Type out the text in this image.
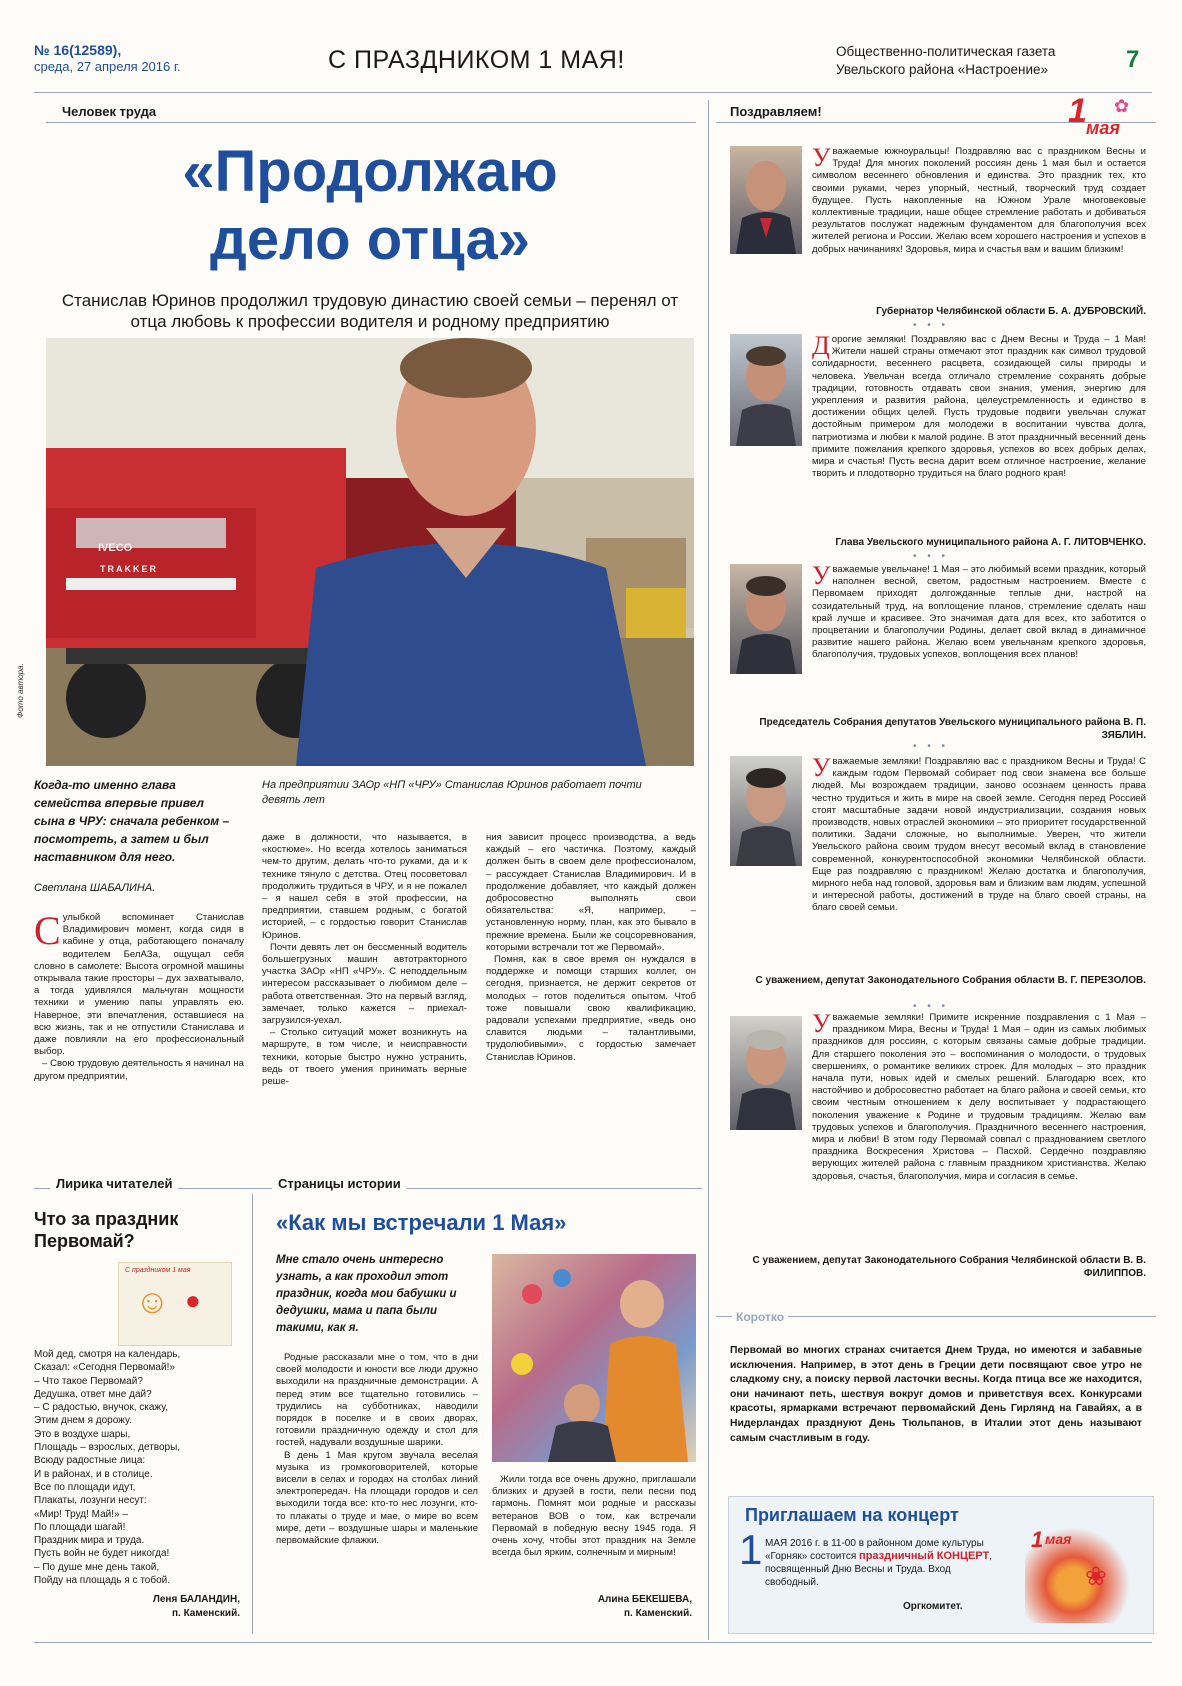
№ 16(12589),
среда, 27 апреля 2016 г.	С ПРАЗДНИКОМ 1 МАЯ!	Общественно-политическая газета
Увельского района «Настроение»	7
Человек труда
«Продолжаю
дело отца»
Станислав Юринов продолжил трудовую династию своей семьи – перенял от отца любовь к профессии водителя и родному предприятию
IVECO
TRAKKER
Фото автора.
Когда-то именно глава семейства впервые привел сына в ЧРУ: сначала ребенком – посмотреть, а затем и был наставником для него.
На предприятии ЗАОр «НП «ЧРУ» Станислав Юринов работает почти девять лет
Светлана ШАБАЛИНА.
С улыбкой вспоминает Станислав Владимирович момент, когда сидя в кабине у отца, работающего поначалу водителем БелАЗа, ощущал себя словно в самолете: Высота огромной машины открывала такие просторы – дух захватывало, а тогда удивлялся мальчуган мощности техники и умению папы управлять ею. Наверное, эти впечатления, оставшиеся на всю жизнь, так и не отпустили Станислава и даже повлияли на его профессиональный выбор.

– Свою трудовую деятельность я начинал на другом предприятии,

даже в должности, что называется, в «костюме». Но всегда хотелось заниматься чем-то другим, делать что-то руками, да и к технике тянуло с детства. Отец посоветовал продолжить трудиться в ЧРУ, и я не пожалел – я нашел себя в этой профессии, на предприятии, ставшем родным, с богатой историей, – с гордостью говорит Станислав Юринов.

Почти девять лет он бессменный водитель большегрузных машин автотракторного участка ЗАОр «НП «ЧРУ». С неподдельным интересом рассказывает о любимом деле – работа ответственная. Это на первый взгляд, замечает, только кажется – приехал-загрузился-уехал.

– Столько ситуаций может возникнуть на маршруте, в том числе, и неисправности техники, которые быстро нужно устранить, ведь от твоего умения принимать верные реше-

ния зависит процесс производства, а ведь каждый – его частичка. Поэтому, каждый должен быть в своем деле профессионалом, – рассуждает Станислав Владимирович. И в продолжение добавляет, что каждый должен добросовестно выполнять свои обязательства: «Я, например, – установленную норму, план, как это бывало в прежние времена. Были же соцсоревнования, которыми встречали тот же Первомай».

Помня, как в свое время он нуждался в поддержке и помощи старших коллег, он сегодня, признается, не держит секретов от молодых – готов поделиться опытом. Чтоб тоже повышали свою квалификацию, радовали успехами предприятие, «ведь оно славится людьми – талантливыми, трудолюбивыми», с гордостью замечает Станислав Юринов.

Поздравляем!	1 мая
✿
У важаемые южноуральцы! Поздравляю вас с праздником Весны и Труда! Для многих поколений россиян день 1 мая был и остается символом весеннего обновления и единства. Это праздник тех, кто своими руками, через упорный, честный, творческий труд создает будущее. Пусть накопленные на Южном Урале многовековые коллективные традиции, наше общее стремление работать и добиваться результатов послужат надежным фундаментом для благополучия всех жителей региона и России. Желаю всем хорошего настроения и успехов в добрых начинаниях! Здоровья, мира и счастья вам и вашим близким!
Губернатор Челябинской области Б. А. ДУБРОВСКИЙ.
• • •
Д орогие земляки! Поздравляю вас с Днем Весны и Труда – 1 Мая! Жители нашей страны отмечают этот праздник как символ трудовой солидарности, весеннего расцвета, созидающей силы природы и человека. Увельчан всегда отличало стремление сохранять добрые традиции, готовность отдавать свои знания, умения, энергию для укрепления и развития района, целеустремленность и единство в достижении общих целей. Пусть трудовые подвиги увельчан служат достойным примером для молодежи в воспитании чувства долга, патриотизма и любви к малой родине. В этот праздничный весенний день примите пожелания крепкого здоровья, успехов во всех добрых делах, мира и счастья! Пусть весна дарит всем отличное настроение, желание творить и плодотворно трудиться на благо родного края!
Глава Увельского муниципального района А. Г. ЛИТОВЧЕНКО.
• • •
У важаемые увельчане! 1 Мая – это любимый всеми праздник, который наполнен весной, светом, радостным настроением. Вместе с Первомаем приходят долгожданные теплые дни, настрой на созидательный труд, на воплощение планов, стремление сделать наш край лучше и красивее. Это значимая дата для всех, кто заботится о процветании и благополучии Родины, делает свой вклад в динамичное развитие нашего района. Желаю всем увельчанам крепкого здоровья, благополучия, трудовых успехов, воплощения всех планов!
Председатель Собрания депутатов Увельского муниципального района В. П. ЗЯБЛИН.
• • •
У важаемые земляки! Поздравляю вас с праздником Весны и Труда! С каждым годом Первомай собирает под свои знамена все больше людей. Мы возрождаем традиции, заново осознаем ценность права честно трудиться и жить в мире на своей земле. Сегодня перед Россией стоят масштабные задачи новой индустриализации, создания новых производств, новых отраслей экономики – это приоритет государственной политики. Задачи сложные, но выполнимые. Уверен, что жители Увельского района своим трудом внесут весомый вклад в становление современной, конкурентоспособной экономики Челябинской области. Еще раз поздравляю с праздником! Желаю достатка и благополучия, мирного неба над головой, здоровья вам и близким вам людям, успешной и интересной работы, достижений в труде на благо своей страны, на благо своей семьи.
С уважением, депутат Законодательного Собрания области В. Г. ПЕРЕЗОЛОВ.
• • •
У важаемые земляки! Примите искренние поздравления с 1 Мая – праздником Мира, Весны и Труда! 1 Мая – один из самых любимых праздников для россиян, с которым связаны самые добрые традиции. Для старшего поколения это – воспоминания о молодости, о трудовых свершениях, о романтике великих строек. Для молодых – это праздник начала пути, новых идей и смелых решений. Благодарю всех, кто настойчиво и добросовестно работает на благо района и своей семьи, кто своим честным отношением к делу воспитывает у подрастающего поколения уважение к Родине и трудовым традициям. Желаю вам трудовых успехов и благополучия. Праздничного весеннего настроения, мира и любви! В этом году Первомай совпал с празднованием светлого праздника Воскресения Христова – Пасхой. Сердечно поздравляю верующих жителей района с главным праздником христианства. Желаю здоровья, счастья, благополучия, мира и согласия в семье.
С уважением, депутат Законодательного Собрания Челябинской области В. В. ФИЛИППОВ.
Коротко
Первомай во многих странах считается Днем Труда, но имеются и забавные исключения. Например, в этот день в Греции дети посвящают свое утро не сладкому сну, а поиску первой ласточки весны. Когда птица все же находится, они начинают петь, шествуя вокруг домов и приветствуя всех. Конкурсами красоты, ярмарками встречают первомайский День Гирлянд на Гавайях, а в Нидерландах празднуют День Тюльпанов, в Италии этот день называют самым счастливым в году.
Приглашаем на концерт
1 МАЯ 2016 г. в 11-00 в районном доме культуры «Горняк» состоится праздничный КОНЦЕРТ, посвященный Дню Весны и Труда. Вход свободный.
Оргкомитет.
1 мая
❀
Лирика читателей
Что за праздник Первомай?
С праздником 1 мая
☺ ●
Мой дед, смотря на календарь,
Сказал: «Сегодня Первомай!»
– Что такое Первомай?
Дедушка, ответ мне дай?
– С радостью, внучок, скажу,
Этим днем я дорожу.
Это в воздухе шары,
Площадь – взрослых, детворы,
Всюду радостные лица:
И в районах, и в столице.
Все по площади идут,
Плакаты, лозунги несут:
«Мир! Труд! Май!» –
По площади шагай!
Праздник мира и труда.
Пусть войн не будет никогда!
– По душе мне день такой,
Пойду на площадь я с тобой.
Леня БАЛАНДИН,
п. Каменский.
Страницы истории
«Как мы встречали 1 Мая»
Мне стало очень интересно узнать, а как проходил этот праздник, когда мои бабушки и дедушки, мама и папа были такими, как я.

Родные рассказали мне о том, что в дни своей молодости и юности все люди дружно выходили на праздничные демонстрации. А перед этим все тщательно готовились – трудились на субботниках, наводили порядок в поселке и в своих дворах, готовили праздничную одежду и стол для гостей, надували воздушные шарики.

В день 1 Мая кругом звучала веселая музыка из громкоговорителей, которые висели в селах и городах на столбах линий электропередач. На площади городов и сел выходили тогда все: кто-то нес лозунги, кто-то плакаты о труде и мае, о мире во всем мире, дети – воздушные шары и маленькие первомайские флажки.

Жили тогда все очень дружно, приглашали близких и друзей в гости, пели песни под гармонь. Помнят мои родные и рассказы ветеранов ВОВ о том, как встречали Первомай в победную весну 1945 года. Я очень хочу, чтобы этот праздник на Земле всегда был ярким, солнечным и мирным!

Алина БЕКЕШЕВА,
п. Каменский.
